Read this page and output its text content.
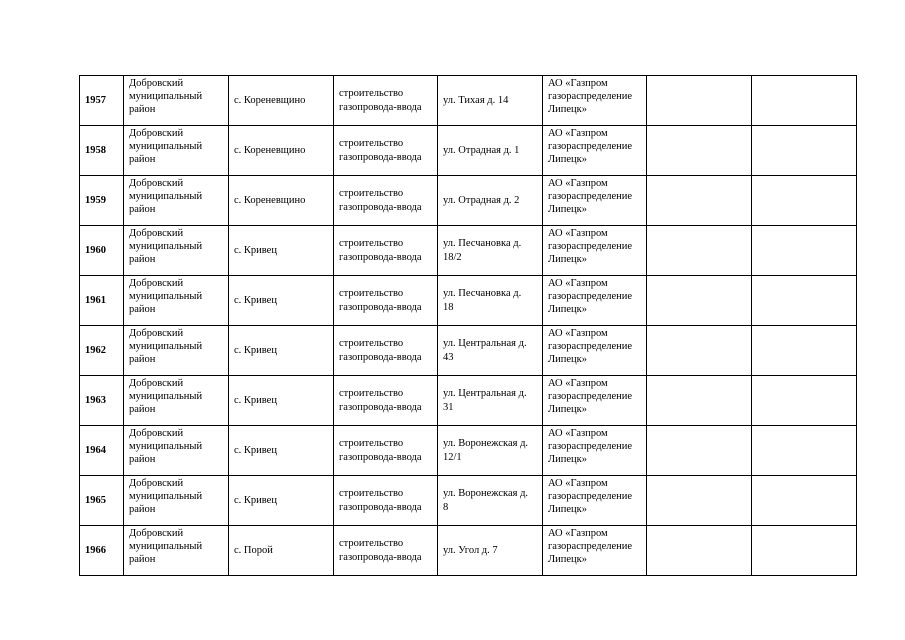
1957	Добровский
муниципальный
район	с. Кореневщино	строительство
газопровода-ввода	ул. Тихая д. 14	АО «Газпром
газораспределение
Липецк»		

1958	Добровский
муниципальный
район	с. Кореневщино	строительство
газопровода-ввода	ул. Отрадная д. 1	АО «Газпром
газораспределение
Липецк»		

1959	Добровский
муниципальный
район	с. Кореневщино	строительство
газопровода-ввода	ул. Отрадная д. 2	АО «Газпром
газораспределение
Липецк»		

1960	Добровский
муниципальный
район	с. Кривец	строительство
газопровода-ввода	ул. Песчановка д.
18/2	АО «Газпром
газораспределение
Липецк»		

1961	Добровский
муниципальный
район	с. Кривец	строительство
газопровода-ввода	ул. Песчановка д.
18	АО «Газпром
газораспределение
Липецк»		

1962	Добровский
муниципальный
район	с. Кривец	строительство
газопровода-ввода	ул. Центральная д.
43	АО «Газпром
газораспределение
Липецк»		

1963	Добровский
муниципальный
район	с. Кривец	строительство
газопровода-ввода	ул. Центральная д.
31	АО «Газпром
газораспределение
Липецк»		

1964	Добровский
муниципальный
район	с. Кривец	строительство
газопровода-ввода	ул. Воронежская д.
12/1	АО «Газпром
газораспределение
Липецк»		

1965	Добровский
муниципальный
район	с. Кривец	строительство
газопровода-ввода	ул. Воронежская д.
8	АО «Газпром
газораспределение
Липецк»		

1966	Добровский
муниципальный
район	с. Порой	строительство
газопровода-ввода	ул. Угол д. 7	АО «Газпром
газораспределение
Липецк»		
